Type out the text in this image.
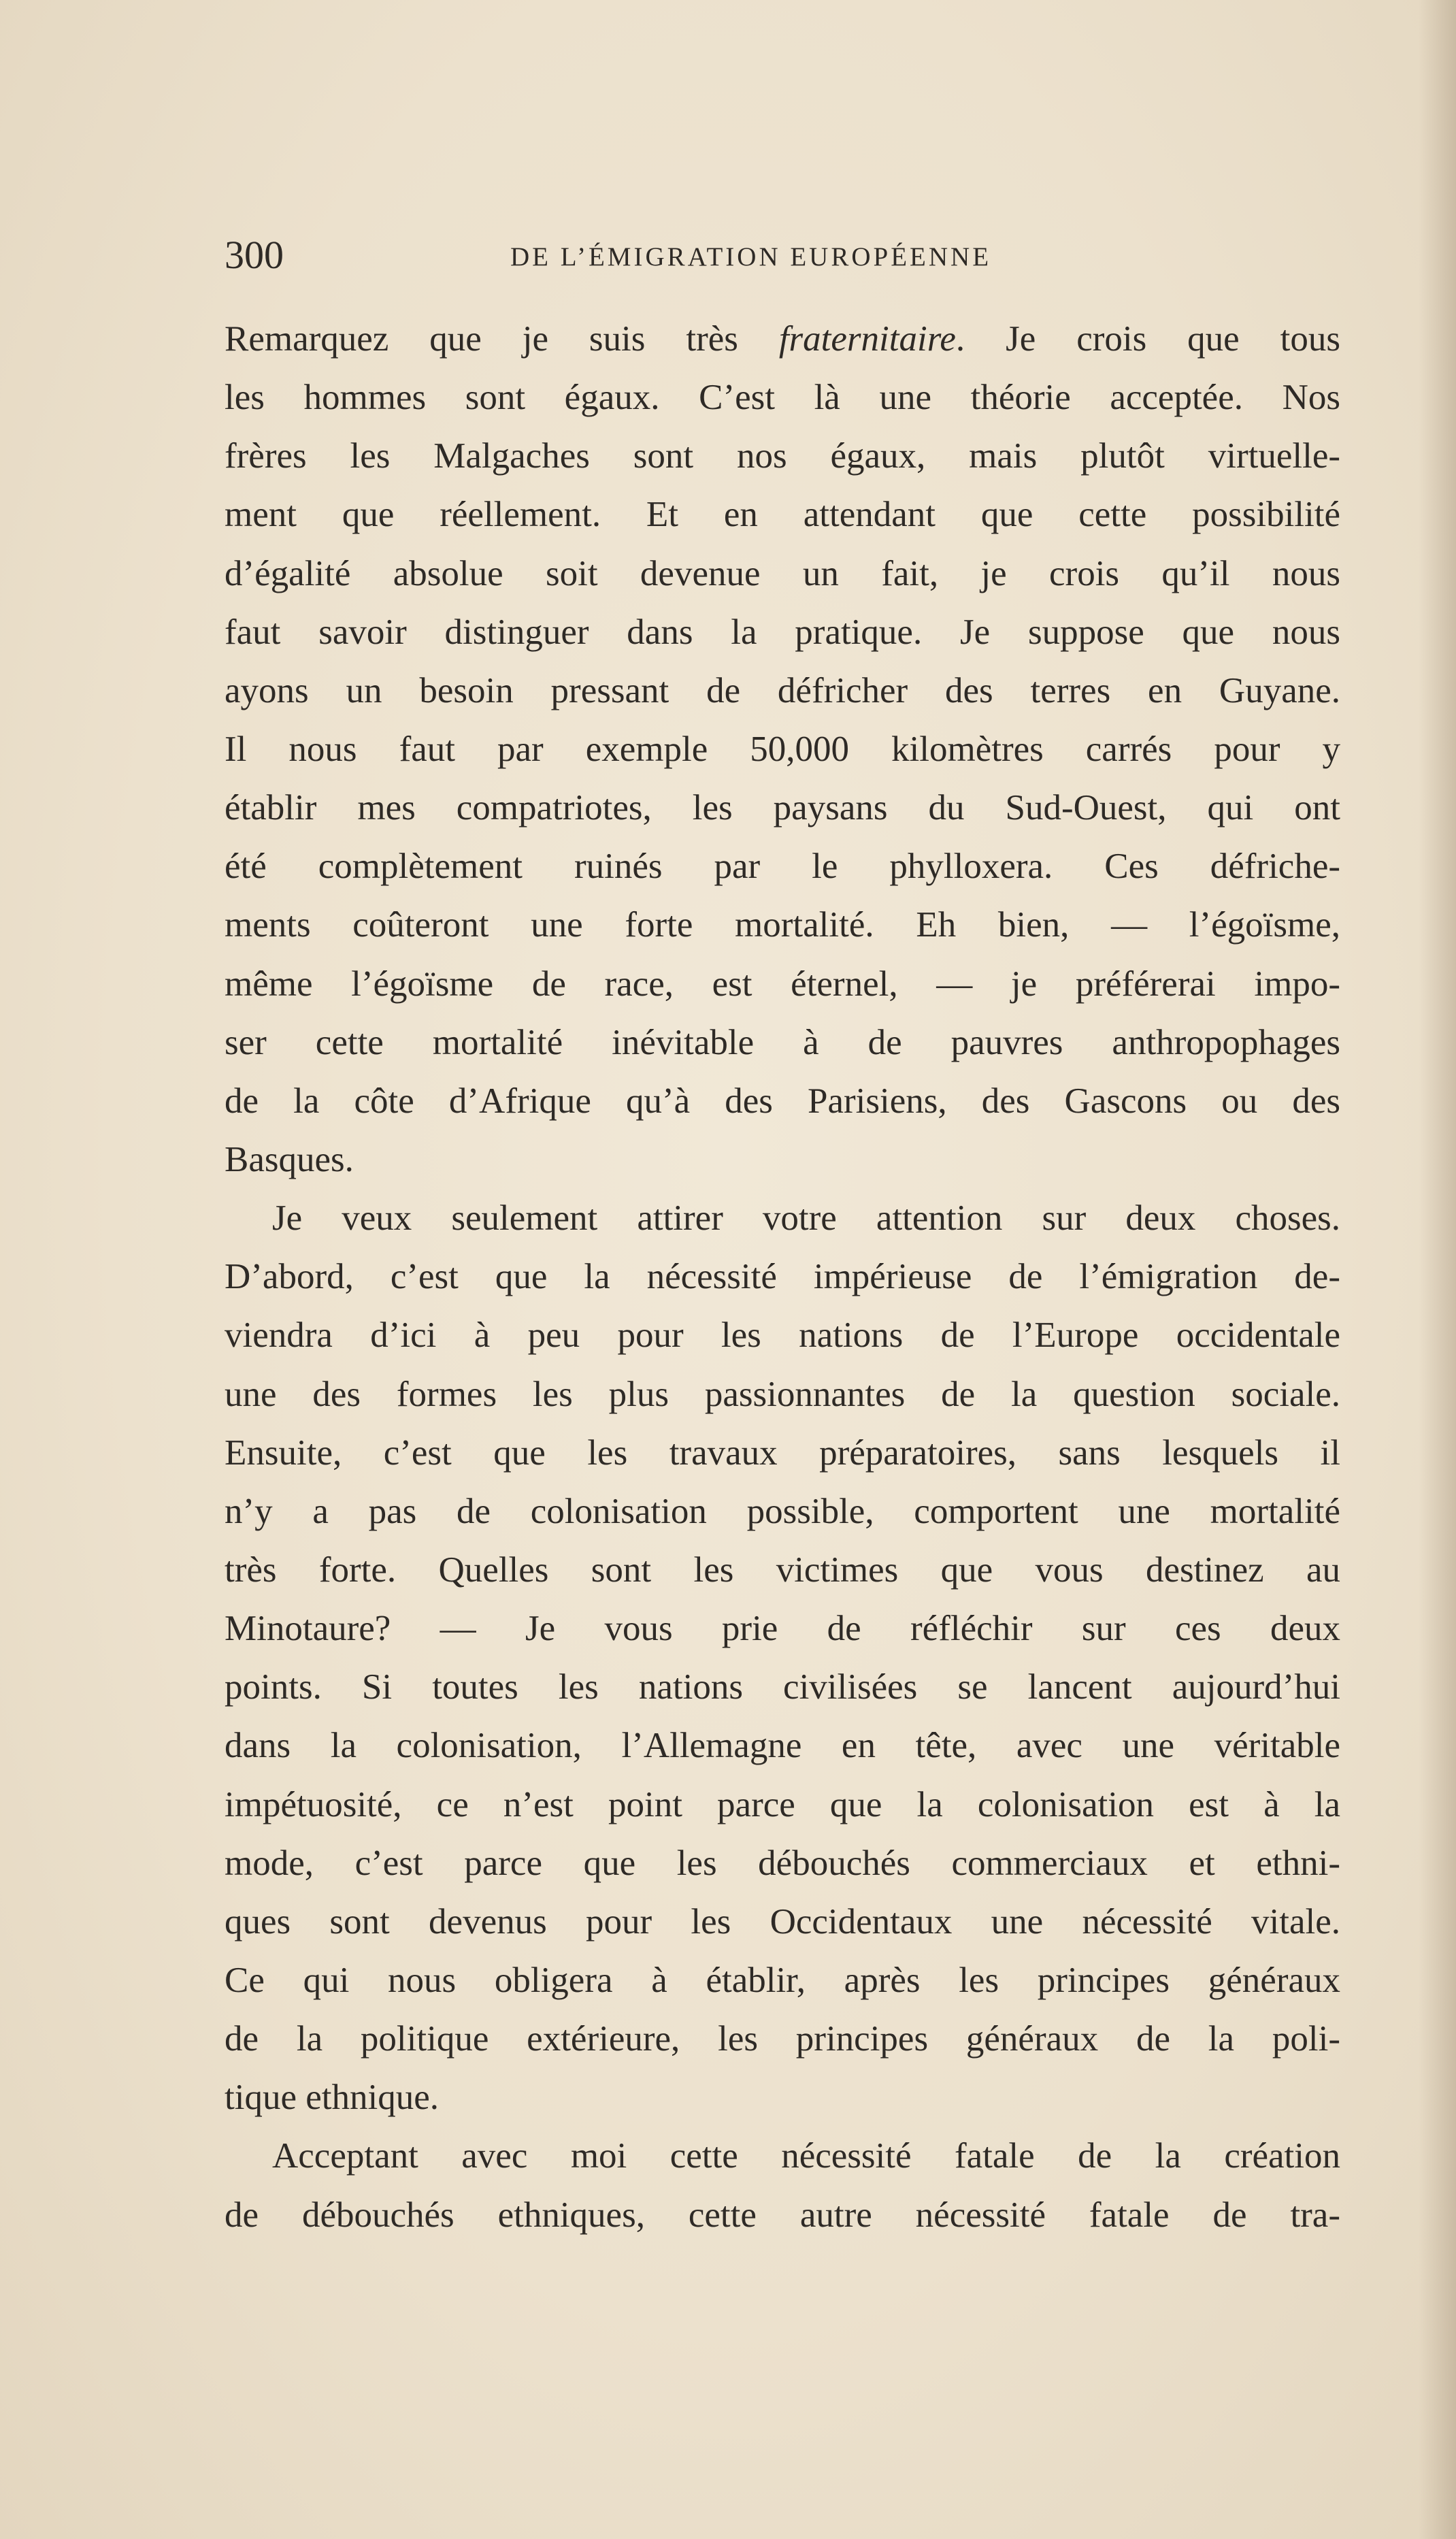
300	DE L’ÉMIGRATION EUROPÉENNE
Remarquez que je suis très fraternitaire. Je crois que tous
les hommes sont égaux. C’est là une théorie acceptée. Nos
frères les Malgaches sont nos égaux, mais plutôt virtuelle-
ment que réellement. Et en attendant que cette possibilité
d’égalité absolue soit devenue un fait, je crois qu’il nous
faut savoir distinguer dans la pratique. Je suppose que nous
ayons un besoin pressant de défricher des terres en Guyane.
Il nous faut par exemple 50,000 kilomètres carrés pour y
établir mes compatriotes, les paysans du Sud-Ouest, qui ont
été complètement ruinés par le phylloxera. Ces défriche-
ments coûteront une forte mortalité. Eh bien, — l’égoïsme,
même l’égoïsme de race, est éternel, — je préférerai impo-
ser cette mortalité inévitable à de pauvres anthropophages
de la côte d’Afrique qu’à des Parisiens, des Gascons ou des
Basques.
Je veux seulement attirer votre attention sur deux choses.
D’abord, c’est que la nécessité impérieuse de l’émigration de-
viendra d’ici à peu pour les nations de l’Europe occidentale
une des formes les plus passionnantes de la question sociale.
Ensuite, c’est que les travaux préparatoires, sans lesquels il
n’y a pas de colonisation possible, comportent une mortalité
très forte. Quelles sont les victimes que vous destinez au
Minotaure? — Je vous prie de réfléchir sur ces deux
points. Si toutes les nations civilisées se lancent aujourd’hui
dans la colonisation, l’Allemagne en tête, avec une véritable
impétuosité, ce n’est point parce que la colonisation est à la
mode, c’est parce que les débouchés commerciaux et ethni-
ques sont devenus pour les Occidentaux une nécessité vitale.
Ce qui nous obligera à établir, après les principes généraux
de la politique extérieure, les principes généraux de la poli-
tique ethnique.
Acceptant avec moi cette nécessité fatale de la création
de débouchés ethniques, cette autre nécessité fatale de tra-
